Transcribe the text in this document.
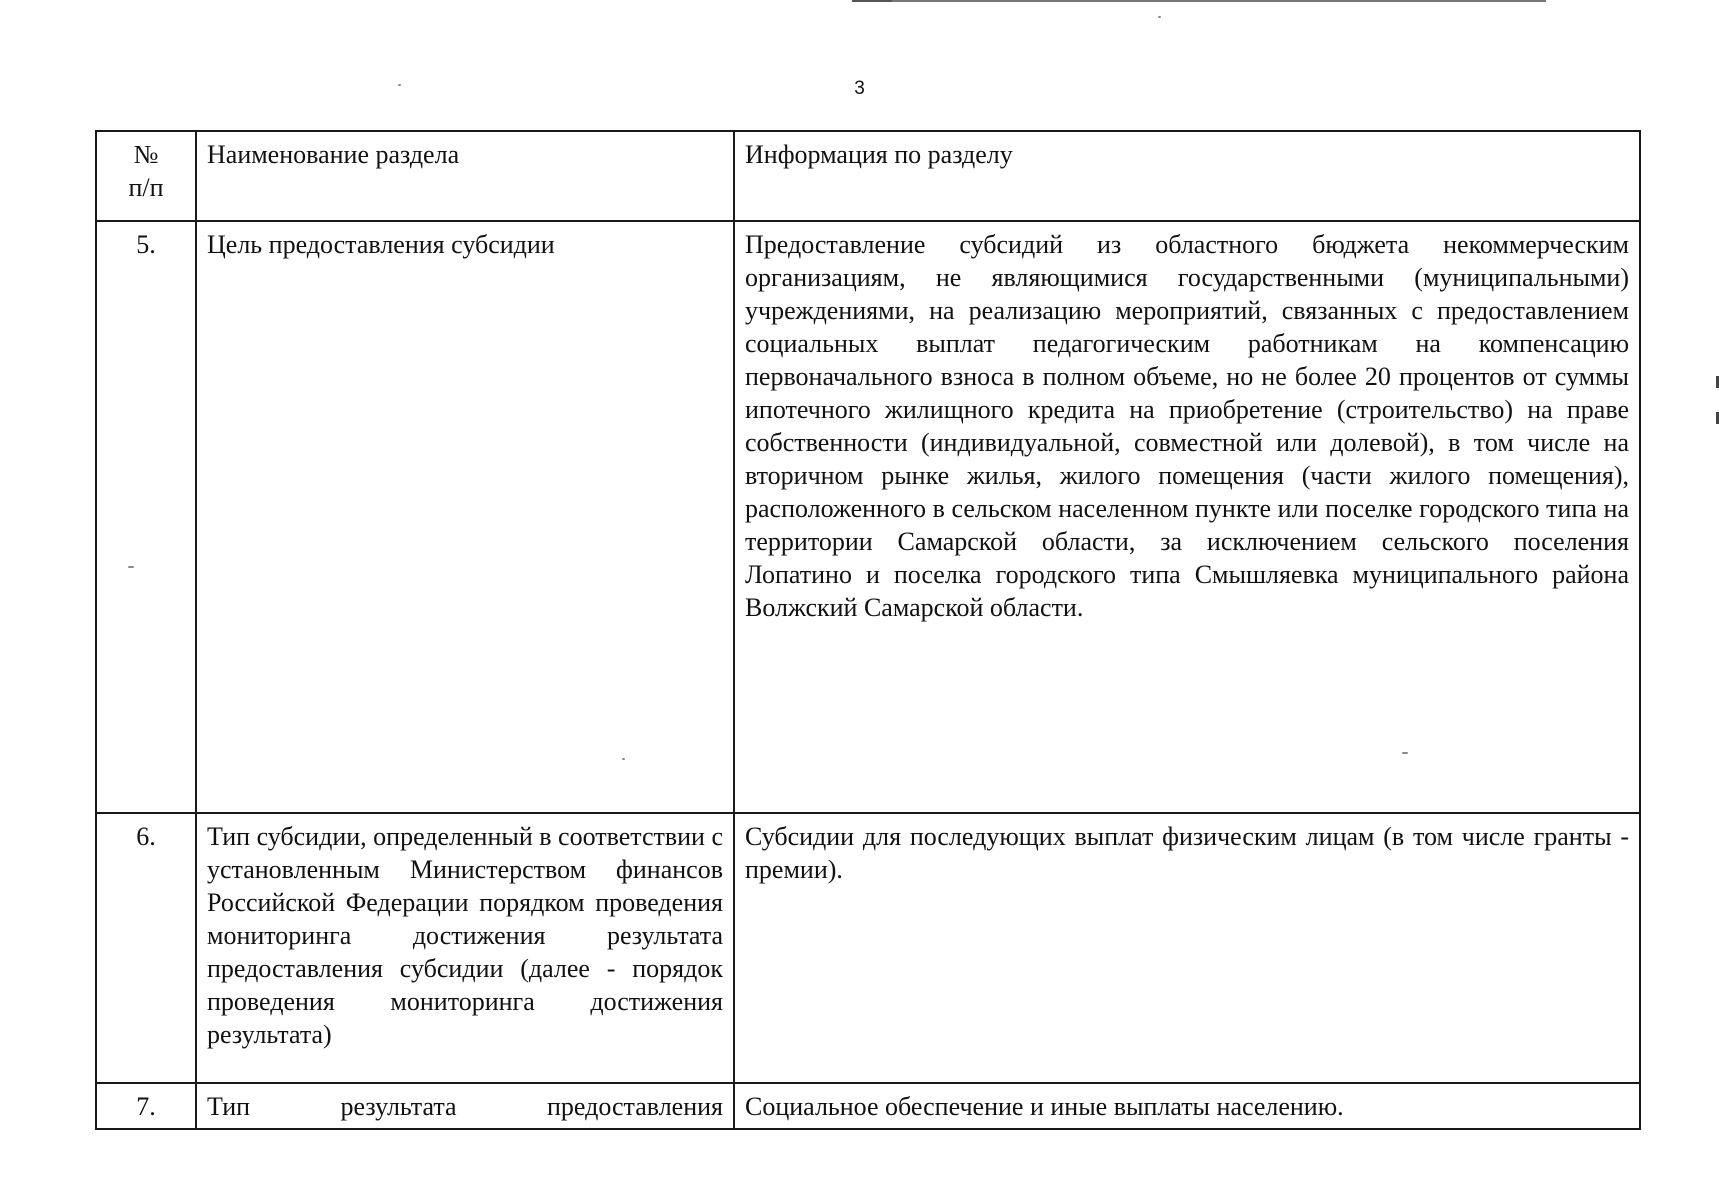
3
№
п/п	Наименование раздела	Информация по разделу
5.	Цель предоставления субсидии	Предоставление субсидий из областного бюджета некоммерческим организациям, не являющимися государственными (муниципальными) учреждениями, на реализацию мероприятий, связанных с предоставлением социальных выплат педагогическим работникам на компенсацию первоначального взноса в полном объеме, но не более 20 процентов от суммы ипотечного жилищного кредита на приобретение (строительство) на праве собственности (индивидуальной, совместной или долевой), в том числе на вторичном рынке жилья, жилого помещения (части жилого помещения), расположенного в сельском населенном пункте или поселке городского типа на территории Самарской области, за исключением сельского поселения Лопатино и поселка городского типа Смышляевка муниципального района Волжский Самарской области.
6.	Тип субсидии, определенный в соответствии с установленным Министерством финансов Российской Федерации порядком проведения мониторинга достижения результата предоставления субсидии (далее - порядок проведения мониторинга достижения результата)	Субсидии для последующих выплат физическим лицам (в том числе гранты - премии).
7.	Тип результата предоставления	Социальное обеспечение и иные выплаты населению.
